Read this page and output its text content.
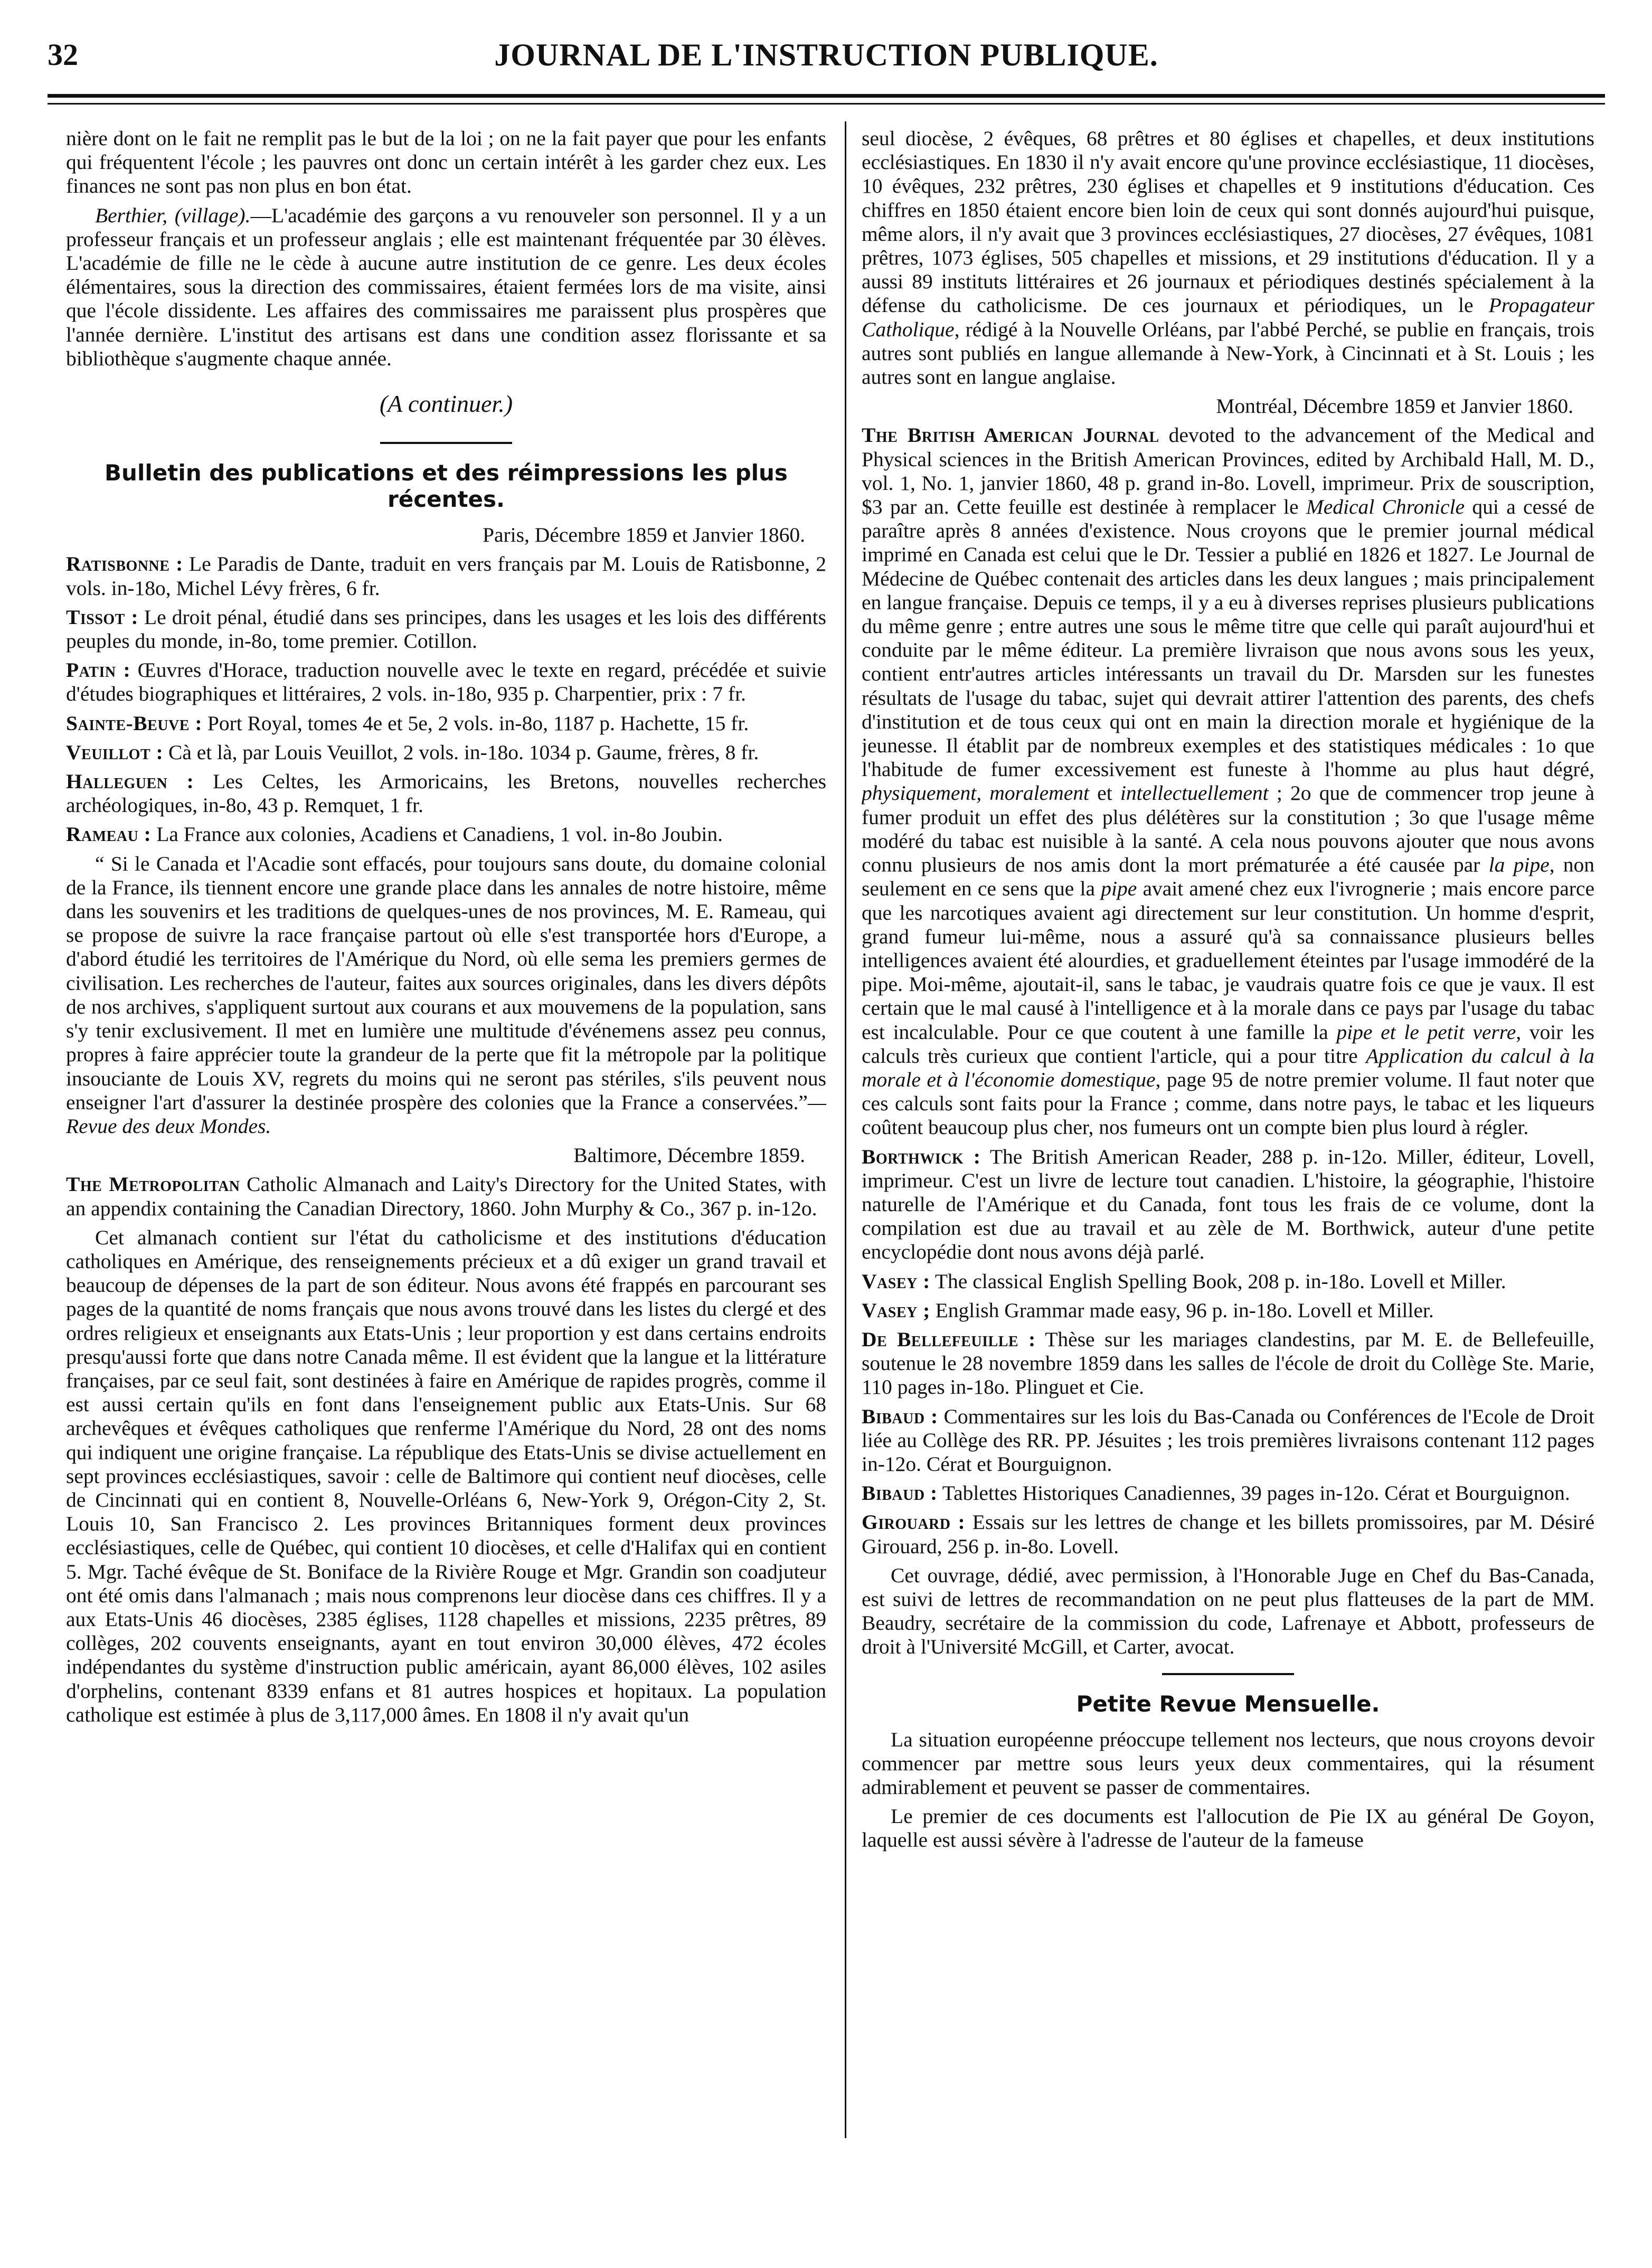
32	JOURNAL DE L'INSTRUCTION PUBLIQUE.

nière dont on le fait ne remplit pas le but de la loi ; on ne la fait payer que pour les enfants qui fréquentent l'école ; les pauvres ont donc un certain intérêt à les garder chez eux. Les finances ne sont pas non plus en bon état.

Berthier, (village).—L'académie des garçons a vu renouveler son personnel. Il y a un professeur français et un professeur anglais ; elle est maintenant fréquentée par 30 élèves. L'académie de fille ne le cède à aucune autre institution de ce genre. Les deux écoles élémentaires, sous la direction des commissaires, étaient fermées lors de ma visite, ainsi que l'école dissidente. Les affaires des commissaires me paraissent plus prospères que l'année dernière. L'institut des artisans est dans une condition assez florissante et sa bibliothèque s'augmente chaque année.

(A continuer.)
Bulletin des publications et des réimpressions les plus récentes.

Paris, Décembre 1859 et Janvier 1860.

Ratisbonne : Le Paradis de Dante, traduit en vers français par M. Louis de Ratisbonne, 2 vols. in-18o, Michel Lévy frères, 6 fr.

Tissot : Le droit pénal, étudié dans ses principes, dans les usages et les lois des différents peuples du monde, in-8o, tome premier. Cotillon.

Patin : Œuvres d'Horace, traduction nouvelle avec le texte en regard, précédée et suivie d'études biographiques et littéraires, 2 vols. in-18o, 935 p. Charpentier, prix : 7 fr.

Sainte-Beuve : Port Royal, tomes 4e et 5e, 2 vols. in-8o, 1187 p. Hachette, 15 fr.

Veuillot : Cà et là, par Louis Veuillot, 2 vols. in-18o. 1034 p. Gaume, frères, 8 fr.

Halleguen : Les Celtes, les Armoricains, les Bretons, nouvelles recherches archéologiques, in-8o, 43 p. Remquet, 1 fr.

Rameau : La France aux colonies, Acadiens et Canadiens, 1 vol. in-8o Joubin.

“ Si le Canada et l'Acadie sont effacés, pour toujours sans doute, du domaine colonial de la France, ils tiennent encore une grande place dans les annales de notre histoire, même dans les souvenirs et les traditions de quelques-unes de nos provinces, M. E. Rameau, qui se propose de suivre la race française partout où elle s'est transportée hors d'Europe, a d'abord étudié les territoires de l'Amérique du Nord, où elle sema les premiers germes de civilisation. Les recherches de l'auteur, faites aux sources originales, dans les divers dépôts de nos archives, s'appliquent surtout aux courans et aux mouvemens de la population, sans s'y tenir exclusivement. Il met en lumière une multitude d'événemens assez peu connus, propres à faire apprécier toute la grandeur de la perte que fit la métropole par la politique insouciante de Louis XV, regrets du moins qui ne seront pas stériles, s'ils peuvent nous enseigner l'art d'assurer la destinée prospère des colonies que la France a conservées.”—Revue des deux Mondes.

Baltimore, Décembre 1859.

The Metropolitan Catholic Almanach and Laity's Directory for the United States, with an appendix containing the Canadian Directory, 1860. John Murphy & Co., 367 p. in-12o.

Cet almanach contient sur l'état du catholicisme et des institutions d'éducation catholiques en Amérique, des renseignements précieux et a dû exiger un grand travail et beaucoup de dépenses de la part de son éditeur. Nous avons été frappés en parcourant ses pages de la quantité de noms français que nous avons trouvé dans les listes du clergé et des ordres religieux et enseignants aux Etats-Unis ; leur proportion y est dans certains endroits presqu'aussi forte que dans notre Canada même. Il est évident que la langue et la littérature françaises, par ce seul fait, sont destinées à faire en Amérique de rapides progrès, comme il est aussi certain qu'ils en font dans l'enseignement public aux Etats-Unis. Sur 68 archevêques et évêques catholiques que renferme l'Amérique du Nord, 28 ont des noms qui indiquent une origine française. La république des Etats-Unis se divise actuellement en sept provinces ecclésiastiques, savoir : celle de Baltimore qui contient neuf diocèses, celle de Cincinnati qui en contient 8, Nouvelle-Orléans 6, New-York 9, Orégon-City 2, St. Louis 10, San Francisco 2. Les provinces Britanniques forment deux provinces ecclésiastiques, celle de Québec, qui contient 10 diocèses, et celle d'Halifax qui en contient 5. Mgr. Taché évêque de St. Boniface de la Rivière Rouge et Mgr. Grandin son coadjuteur ont été omis dans l'almanach ; mais nous comprenons leur diocèse dans ces chiffres. Il y a aux Etats-Unis 46 diocèses, 2385 églises, 1128 chapelles et missions, 2235 prêtres, 89 collèges, 202 couvents enseignants, ayant en tout environ 30,000 élèves, 472 écoles indépendantes du système d'instruction public américain, ayant 86,000 élèves, 102 asiles d'orphelins, contenant 8339 enfans et 81 autres hospices et hopitaux. La population catholique est estimée à plus de 3,117,000 âmes. En 1808 il n'y avait qu'un

seul diocèse, 2 évêques, 68 prêtres et 80 églises et chapelles, et deux institutions ecclésiastiques. En 1830 il n'y avait encore qu'une province ecclésiastique, 11 diocèses, 10 évêques, 232 prêtres, 230 églises et chapelles et 9 institutions d'éducation. Ces chiffres en 1850 étaient encore bien loin de ceux qui sont donnés aujourd'hui puisque, même alors, il n'y avait que 3 provinces ecclésiastiques, 27 diocèses, 27 évêques, 1081 prêtres, 1073 églises, 505 chapelles et missions, et 29 institutions d'éducation. Il y a aussi 89 instituts littéraires et 26 journaux et périodiques destinés spécialement à la défense du catholicisme. De ces journaux et périodiques, un le Propagateur Catholique, rédigé à la Nouvelle Orléans, par l'abbé Perché, se publie en français, trois autres sont publiés en langue allemande à New-York, à Cincinnati et à St. Louis ; les autres sont en langue anglaise.

Montréal, Décembre 1859 et Janvier 1860.

The British American Journal devoted to the advancement of the Medical and Physical sciences in the British American Provinces, edited by Archibald Hall, M. D., vol. 1, No. 1, janvier 1860, 48 p. grand in-8o. Lovell, imprimeur. Prix de souscription, $3 par an. Cette feuille est destinée à remplacer le Medical Chronicle qui a cessé de paraître après 8 années d'existence. Nous croyons que le premier journal médical imprimé en Canada est celui que le Dr. Tessier a publié en 1826 et 1827. Le Journal de Médecine de Québec contenait des articles dans les deux langues ; mais principalement en langue française. Depuis ce temps, il y a eu à diverses reprises plusieurs publications du même genre ; entre autres une sous le même titre que celle qui paraît aujourd'hui et conduite par le même éditeur. La première livraison que nous avons sous les yeux, contient entr'autres articles intéressants un travail du Dr. Marsden sur les funestes résultats de l'usage du tabac, sujet qui devrait attirer l'attention des parents, des chefs d'institution et de tous ceux qui ont en main la direction morale et hygiénique de la jeunesse. Il établit par de nombreux exemples et des statistiques médicales : 1o que l'habitude de fumer excessivement est funeste à l'homme au plus haut dégré, physiquement, moralement et intellectuellement ; 2o que de commencer trop jeune à fumer produit un effet des plus délétères sur la constitution ; 3o que l'usage même modéré du tabac est nuisible à la santé. A cela nous pouvons ajouter que nous avons connu plusieurs de nos amis dont la mort prématurée a été causée par la pipe, non seulement en ce sens que la pipe avait amené chez eux l'ivrognerie ; mais encore parce que les narcotiques avaient agi directement sur leur constitution. Un homme d'esprit, grand fumeur lui-même, nous a assuré qu'à sa connaissance plusieurs belles intelligences avaient été alourdies, et graduellement éteintes par l'usage immodéré de la pipe. Moi-même, ajoutait-il, sans le tabac, je vaudrais quatre fois ce que je vaux. Il est certain que le mal causé à l'intelligence et à la morale dans ce pays par l'usage du tabac est incalculable. Pour ce que coutent à une famille la pipe et le petit verre, voir les calculs très curieux que contient l'article, qui a pour titre Application du calcul à la morale et à l'économie domestique, page 95 de notre premier volume. Il faut noter que ces calculs sont faits pour la France ; comme, dans notre pays, le tabac et les liqueurs coûtent beaucoup plus cher, nos fumeurs ont un compte bien plus lourd à régler.

Borthwick : The British American Reader, 288 p. in-12o. Miller, éditeur, Lovell, imprimeur. C'est un livre de lecture tout canadien. L'histoire, la géographie, l'histoire naturelle de l'Amérique et du Canada, font tous les frais de ce volume, dont la compilation est due au travail et au zèle de M. Borthwick, auteur d'une petite encyclopédie dont nous avons déjà parlé.

Vasey : The classical English Spelling Book, 208 p. in-18o. Lovell et Miller.

Vasey ; English Grammar made easy, 96 p. in-18o. Lovell et Miller.

De Bellefeuille : Thèse sur les mariages clandestins, par M. E. de Bellefeuille, soutenue le 28 novembre 1859 dans les salles de l'école de droit du Collège Ste. Marie, 110 pages in-18o. Plinguet et Cie.

Bibaud : Commentaires sur les lois du Bas-Canada ou Conférences de l'Ecole de Droit liée au Collège des RR. PP. Jésuites ; les trois premières livraisons contenant 112 pages in-12o. Cérat et Bourguignon.

Bibaud : Tablettes Historiques Canadiennes, 39 pages in-12o. Cérat et Bourguignon.

Girouard : Essais sur les lettres de change et les billets promissoires, par M. Désiré Girouard, 256 p. in-8o. Lovell.

Cet ouvrage, dédié, avec permission, à l'Honorable Juge en Chef du Bas-Canada, est suivi de lettres de recommandation on ne peut plus flatteuses de la part de MM. Beaudry, secrétaire de la commission du code, Lafrenaye et Abbott, professeurs de droit à l'Université McGill, et Carter, avocat.

Petite Revue Mensuelle.

La situation européenne préoccupe tellement nos lecteurs, que nous croyons devoir commencer par mettre sous leurs yeux deux commentaires, qui la résument admirablement et peuvent se passer de commentaires.

Le premier de ces documents est l'allocution de Pie IX au général De Goyon, laquelle est aussi sévère à l'adresse de l'auteur de la fameuse
